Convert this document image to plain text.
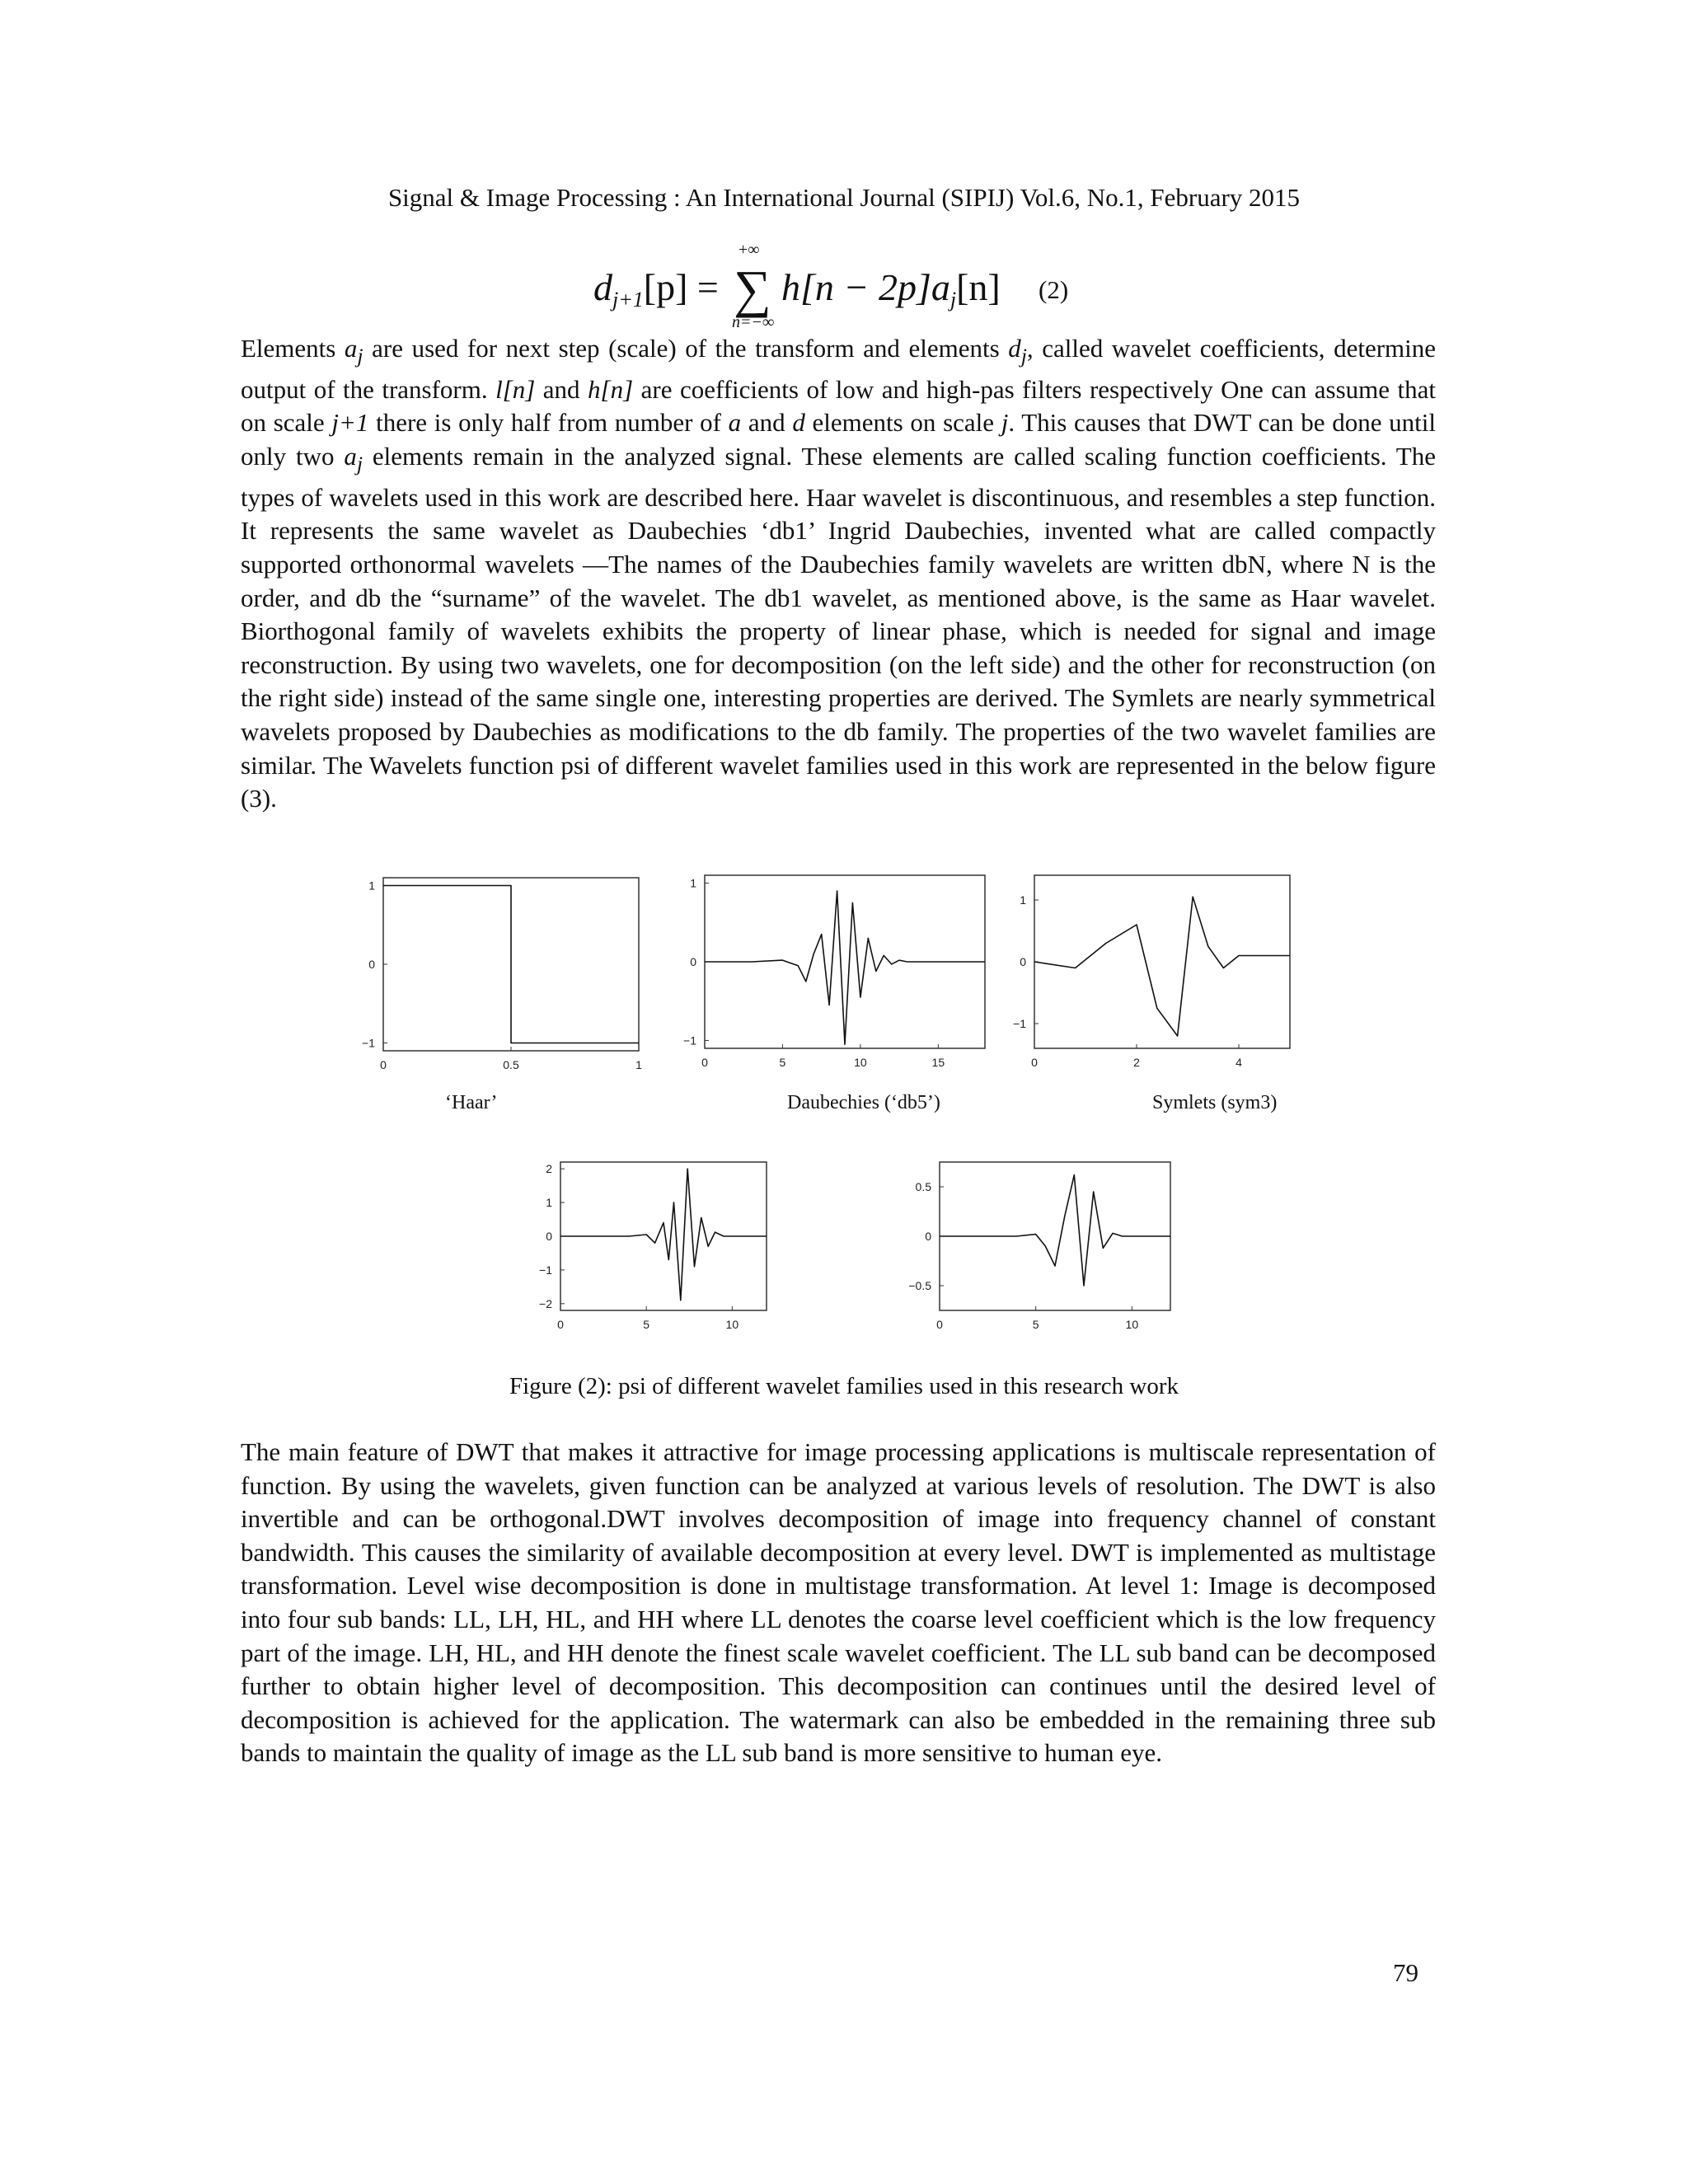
Signal & Image Processing : An International Journal (SIPIJ) Vol.6, No.1, February 2015
$d_{j+1}[p]$ =
+∞
∑
n=−∞
$h[n - 2p]a_j[n]$ (2)
Elements $a_j$ are used for next step (scale) of the transform and elements $d_j$, called wavelet coefficients, determine output of the transform. l[n] and h[n] are coefficients of low and high-pas filters respectively One can assume that on scale j+1 there is only half from number of a and d elements on scale j. This causes that DWT can be done until only two $a_j$ elements remain in the analyzed signal. These elements are called scaling function coefficients. The types of wavelets used in this work are described here. Haar wavelet is discontinuous, and resembles a step function. It represents the same wavelet as Daubechies ‘db1’ Ingrid Daubechies, invented what are called compactly supported orthonormal wavelets —The names of the Daubechies family wavelets are written dbN, where N is the order, and db the “surname” of the wavelet. The db1 wavelet, as mentioned above, is the same as Haar wavelet. Biorthogonal family of wavelets exhibits the property of linear phase, which is needed for signal and image reconstruction. By using two wavelets, one for decomposition (on the left side) and the other for reconstruction (on the right side) instead of the same single one, interesting properties are derived. The Symlets are nearly symmetrical wavelets proposed by Daubechies as modifications to the db family. The properties of the two wavelet families are similar. The Wavelets function psi of different wavelet families used in this work are represented in the below figure (3).
0	0.5	1
1
0
−1
0	5	10	15
1
0
−1
0	2	4
1
0
−1
0	5	10
2
1
0
−1
−2
0	5	10
0.5
0
−0.5
‘Haar’	Daubechies (‘db5’)	Symlets (sym3)
Figure (2): psi of different wavelet families used in this research work
The main feature of DWT that makes it attractive for image processing applications is multiscale representation of function. By using the wavelets, given function can be analyzed at various levels of resolution. The DWT is also invertible and can be orthogonal.DWT involves decomposition of image into frequency channel of constant bandwidth. This causes the similarity of available decomposition at every level. DWT is implemented as multistage transformation. Level wise decomposition is done in multistage transformation. At level 1: Image is decomposed into four sub bands: LL, LH, HL, and HH where LL denotes the coarse level coefficient which is the low frequency part of the image. LH, HL, and HH denote the finest scale wavelet coefficient. The LL sub band can be decomposed further to obtain higher level of decomposition. This decomposition can continues until the desired level of decomposition is achieved for the application. The watermark can also be embedded in the remaining three sub bands to maintain the quality of image as the LL sub band is more sensitive to human eye.
79
